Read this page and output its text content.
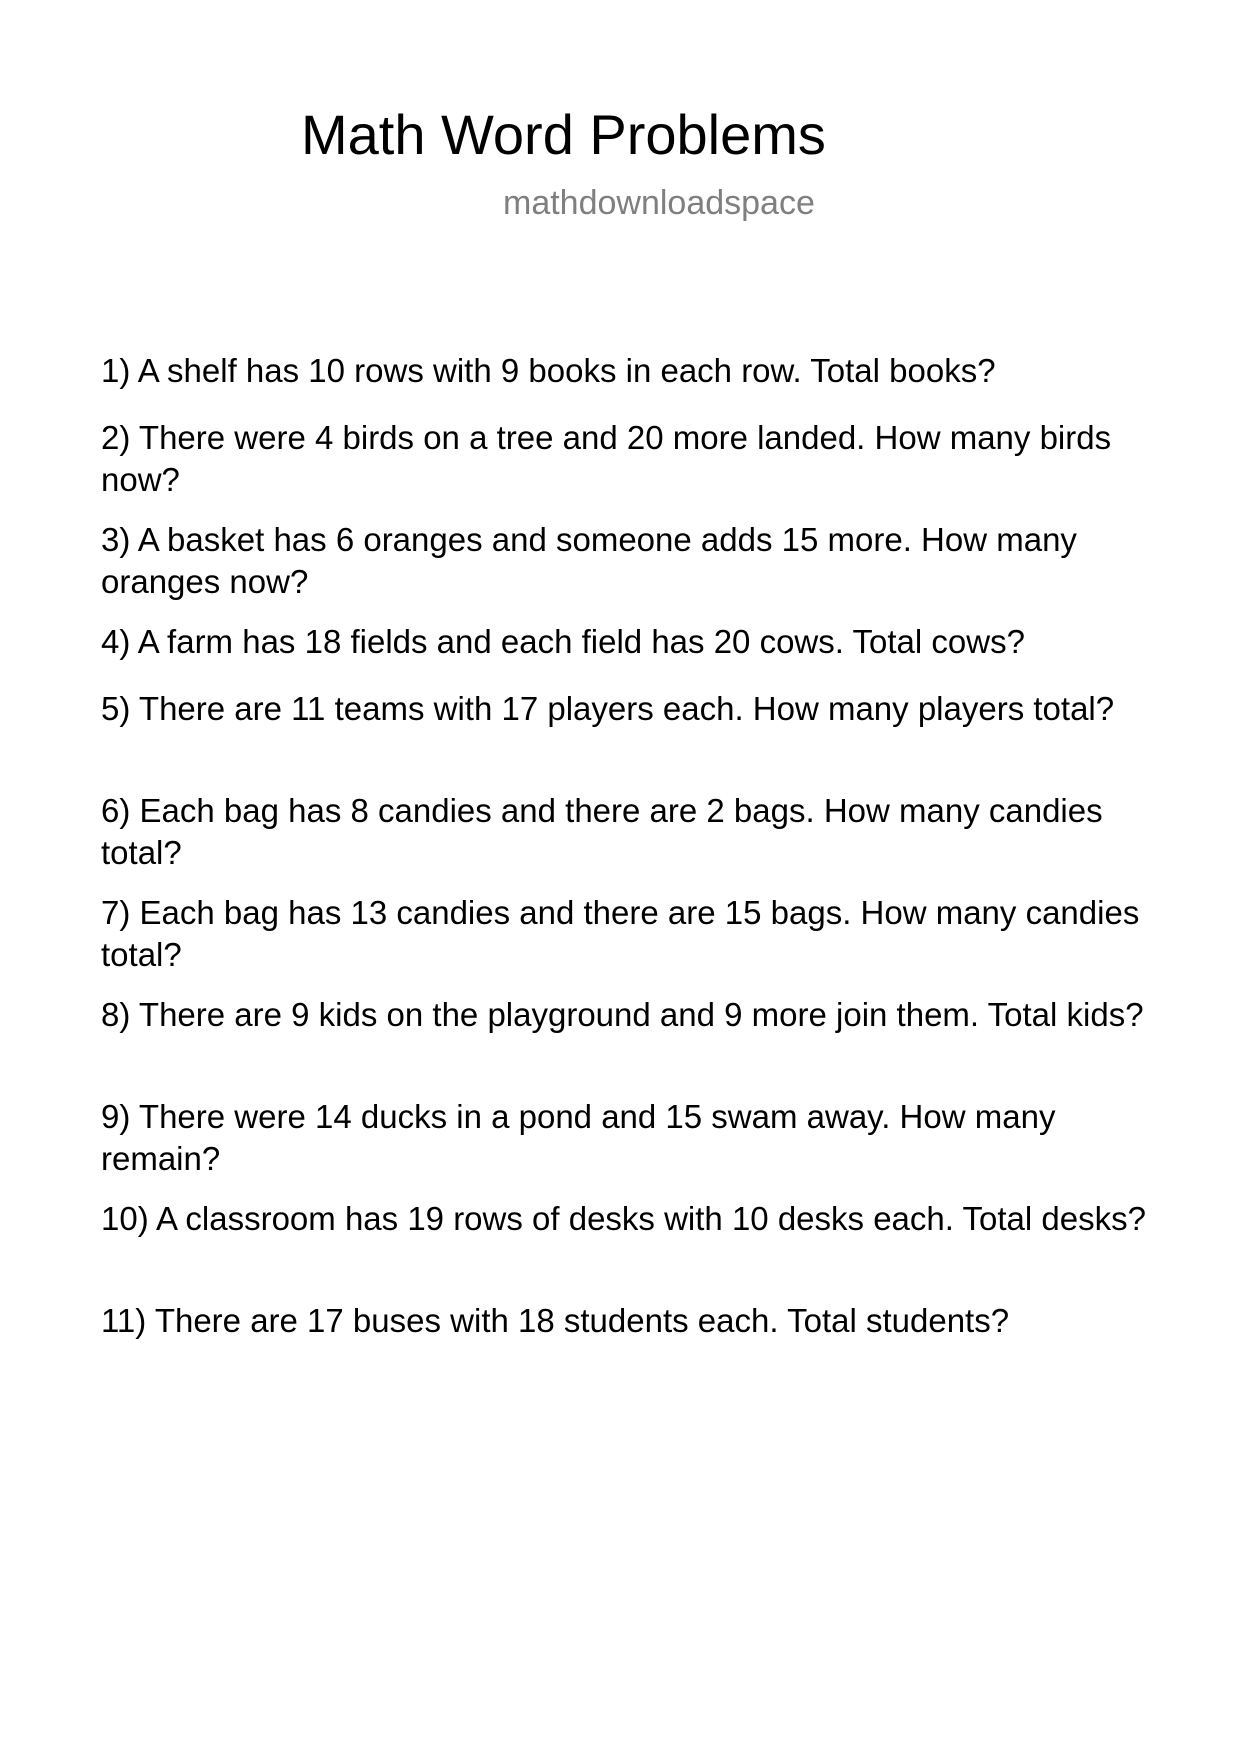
Math Word Problems
mathdownloadspace
1) A shelf has 10 rows with 9 books in each row. Total books?
2) There were 4 birds on a tree and 20 more landed. How many birds now?
3) A basket has 6 oranges and someone adds 15 more. How many oranges now?
4) A farm has 18 fields and each field has 20 cows. Total cows?
5) There are 11 teams with 17 players each. How many players total?
6) Each bag has 8 candies and there are 2 bags. How many candies total?
7) Each bag has 13 candies and there are 15 bags. How many candies total?
8) There are 9 kids on the playground and 9 more join them. Total kids?
9) There were 14 ducks in a pond and 15 swam away. How many remain?
10) A classroom has 19 rows of desks with 10 desks each. Total desks?
11) There are 17 buses with 18 students each. Total students?
